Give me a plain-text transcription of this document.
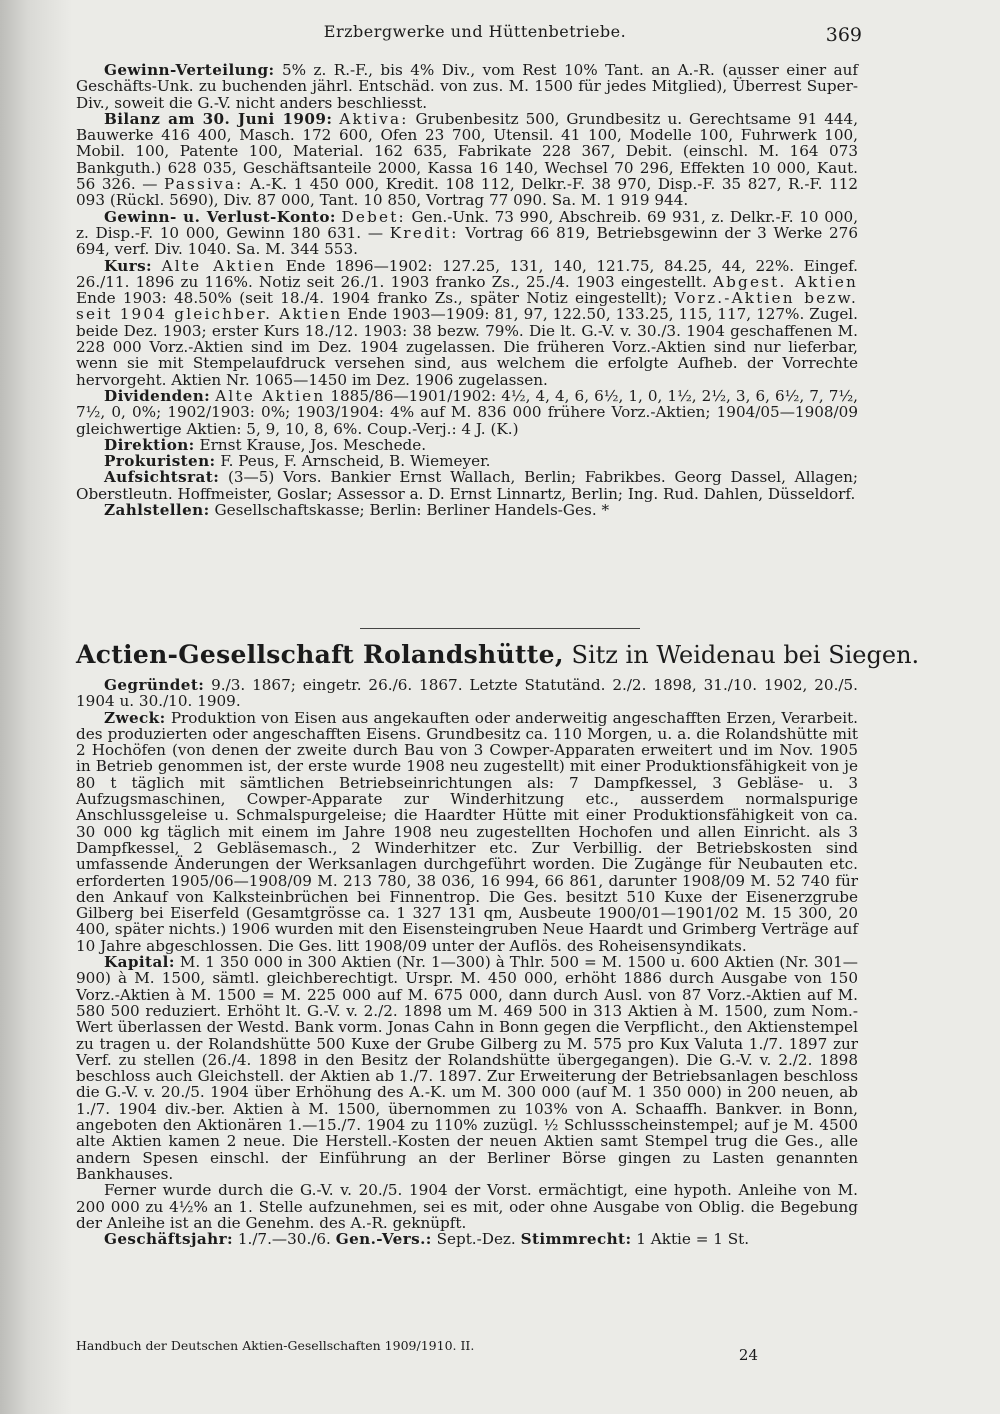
Erzbergwerke und Hüttenbetriebe.	369

Gewinn-Verteilung: 5% z. R.-F., bis 4% Div., vom Rest 10% Tant. an A.-R. (ausser einer auf Geschäfts-Unk. zu buchenden jährl. Entschäd. von zus. M. 1500 für jedes Mitglied), Überrest Super-Div., soweit die G.-V. nicht anders beschliesst.

Bilanz am 30. Juni 1909: Aktiva: Grubenbesitz 500, Grundbesitz u. Gerechtsame 91 444, Bauwerke 416 400, Masch. 172 600, Ofen 23 700, Utensil. 41 100, Modelle 100, Fuhrwerk 100, Mobil. 100, Patente 100, Material. 162 635, Fabrikate 228 367, Debit. (einschl. M. 164 073 Bankguth.) 628 035, Geschäftsanteile 2000, Kassa 16 140, Wechsel 70 296, Effekten 10 000, Kaut. 56 326. — Passiva: A.-K. 1 450 000, Kredit. 108 112, Delkr.-F. 38 970, Disp.-F. 35 827, R.-F. 112 093 (Rückl. 5690), Div. 87 000, Tant. 10 850, Vortrag 77 090. Sa. M. 1 919 944.

Gewinn- u. Verlust-Konto: Debet: Gen.-Unk. 73 990, Abschreib. 69 931, z. Delkr.-F. 10 000, z. Disp.-F. 10 000, Gewinn 180 631. — Kredit: Vortrag 66 819, Betriebsgewinn der 3 Werke 276 694, verf. Div. 1040. Sa. M. 344 553.

Kurs: Alte Aktien Ende 1896—1902: 127.25, 131, 140, 121.75, 84.25, 44, 22%. Eingef. 26./11. 1896 zu 116%. Notiz seit 26./1. 1903 franko Zs., 25./4. 1903 eingestellt. Abgest. Aktien Ende 1903: 48.50% (seit 18./4. 1904 franko Zs., später Notiz eingestellt); Vorz.-Aktien bezw. seit 1904 gleichber. Aktien Ende 1903—1909: 81, 97, 122.50, 133.25, 115, 117, 127%. Zugel. beide Dez. 1903; erster Kurs 18./12. 1903: 38 bezw. 79%. Die lt. G.-V. v. 30./3. 1904 geschaffenen M. 228 000 Vorz.-Aktien sind im Dez. 1904 zugelassen. Die früheren Vorz.-Aktien sind nur lieferbar, wenn sie mit Stempelaufdruck versehen sind, aus welchem die erfolgte Aufheb. der Vorrechte hervorgeht. Aktien Nr. 1065—1450 im Dez. 1906 zugelassen.

Dividenden: Alte Aktien 1885/86—1901/1902: 4½, 4, 4, 6, 6½, 1, 0, 1½, 2½, 3, 6, 6½, 7, 7½, 7½, 0, 0%; 1902/1903: 0%; 1903/1904: 4% auf M. 836 000 frühere Vorz.-Aktien; 1904/05—1908/09 gleichwertige Aktien: 5, 9, 10, 8, 6%. Coup.-Verj.: 4 J. (K.)

Direktion: Ernst Krause, Jos. Meschede.

Prokuristen: F. Peus, F. Arnscheid, B. Wiemeyer.

Aufsichtsrat: (3—5) Vors. Bankier Ernst Wallach, Berlin; Fabrikbes. Georg Dassel, Allagen; Oberstleutn. Hoffmeister, Goslar; Assessor a. D. Ernst Linnartz, Berlin; Ing. Rud. Dahlen, Düsseldorf.

Zahlstellen: Gesellschaftskasse; Berlin: Berliner Handels-Ges. *

Actien-Gesellschaft Rolandshütte, Sitz in Weidenau bei Siegen.

Gegründet: 9./3. 1867; eingetr. 26./6. 1867. Letzte Statutänd. 2./2. 1898, 31./10. 1902, 20./5. 1904 u. 30./10. 1909.

Zweck: Produktion von Eisen aus angekauften oder anderweitig angeschafften Erzen, Verarbeit. des produzierten oder angeschafften Eisens. Grundbesitz ca. 110 Morgen, u. a. die Rolandshütte mit 2 Hochöfen (von denen der zweite durch Bau von 3 Cowper-Apparaten erweitert und im Nov. 1905 in Betrieb genommen ist, der erste wurde 1908 neu zugestellt) mit einer Produktionsfähigkeit von je 80 t täglich mit sämtlichen Betriebseinrichtungen als: 7 Dampfkessel, 3 Gebläse- u. 3 Aufzugsmaschinen, Cowper-Apparate zur Winderhitzung etc., ausserdem normalspurige Anschlussgeleise u. Schmalspurgeleise; die Haardter Hütte mit einer Produktionsfähigkeit von ca. 30 000 kg täglich mit einem im Jahre 1908 neu zugestellten Hochofen und allen Einricht. als 3 Dampfkessel, 2 Gebläsemasch., 2 Winderhitzer etc. Zur Verbillig. der Betriebskosten sind umfassende Änderungen der Werksanlagen durchgeführt worden. Die Zugänge für Neubauten etc. erforderten 1905/06—1908/09 M. 213 780, 38 036, 16 994, 66 861, darunter 1908/09 M. 52 740 für den Ankauf von Kalksteinbrüchen bei Finnentrop. Die Ges. besitzt 510 Kuxe der Eisenerzgrube Gilberg bei Eiserfeld (Gesamtgrösse ca. 1 327 131 qm, Ausbeute 1900/01—1901/02 M. 15 300, 20 400, später nichts.) 1906 wurden mit den Eisensteingruben Neue Haardt und Grimberg Verträge auf 10 Jahre abgeschlossen. Die Ges. litt 1908/09 unter der Auflös. des Roheisensyndikats.

Kapital: M. 1 350 000 in 300 Aktien (Nr. 1—300) à Thlr. 500 = M. 1500 u. 600 Aktien (Nr. 301—900) à M. 1500, sämtl. gleichberechtigt. Urspr. M. 450 000, erhöht 1886 durch Ausgabe von 150 Vorz.-Aktien à M. 1500 = M. 225 000 auf M. 675 000, dann durch Ausl. von 87 Vorz.-Aktien auf M. 580 500 reduziert. Erhöht lt. G.-V. v. 2./2. 1898 um M. 469 500 in 313 Aktien à M. 1500, zum Nom.-Wert überlassen der Westd. Bank vorm. Jonas Cahn in Bonn gegen die Verpflicht., den Aktienstempel zu tragen u. der Rolandshütte 500 Kuxe der Grube Gilberg zu M. 575 pro Kux Valuta 1./7. 1897 zur Verf. zu stellen (26./4. 1898 in den Besitz der Rolandshütte übergegangen). Die G.-V. v. 2./2. 1898 beschloss auch Gleichstell. der Aktien ab 1./7. 1897. Zur Erweiterung der Betriebsanlagen beschloss die G.-V. v. 20./5. 1904 über Erhöhung des A.-K. um M. 300 000 (auf M. 1 350 000) in 200 neuen, ab 1./7. 1904 div.-ber. Aktien à M. 1500, übernommen zu 103% von A. Schaaffh. Bankver. in Bonn, angeboten den Aktionären 1.—15./7. 1904 zu 110% zuzügl. ½ Schlussscheinstempel; auf je M. 4500 alte Aktien kamen 2 neue. Die Herstell.-Kosten der neuen Aktien samt Stempel trug die Ges., alle andern Spesen einschl. der Einführung an der Berliner Börse gingen zu Lasten genannten Bankhauses.

Ferner wurde durch die G.-V. v. 20./5. 1904 der Vorst. ermächtigt, eine hypoth. Anleihe von M. 200 000 zu 4½% an 1. Stelle aufzunehmen, sei es mit, oder ohne Ausgabe von Oblig. die Begebung der Anleihe ist an die Genehm. des A.-R. geknüpft.

Geschäftsjahr: 1./7.—30./6. Gen.-Vers.: Sept.-Dez. Stimmrecht: 1 Aktie = 1 St.

Handbuch der Deutschen Aktien-Gesellschaften 1909/1910. II.
24
